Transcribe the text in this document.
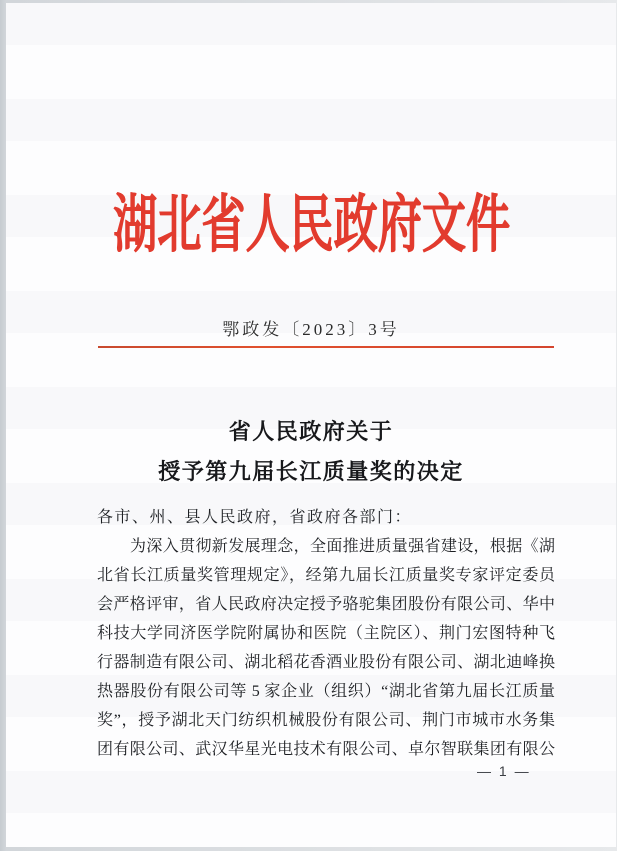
湖北省人民政府文件
鄂政发〔2023〕3号
省人民政府关于
授予第九届长江质量奖的决定
各市、州、县人民政府，省政府各部门：
为深入贯彻新发展理念，全面推进质量强省建设，根据《湖
北省长江质量奖管理规定》，经第九届长江质量奖专家评定委员
会严格评审，省人民政府决定授予骆驼集团股份有限公司、华中
科技大学同济医学院附属协和医院（主院区）、荆门宏图特种飞
行器制造有限公司、湖北稻花香酒业股份有限公司、湖北迪峰换
热器股份有限公司等 5 家企业（组织）“湖北省第九届长江质量
奖”，授予湖北天门纺织机械股份有限公司、荆门市城市水务集
团有限公司、武汉华星光电技术有限公司、卓尔智联集团有限公
— 1 —
